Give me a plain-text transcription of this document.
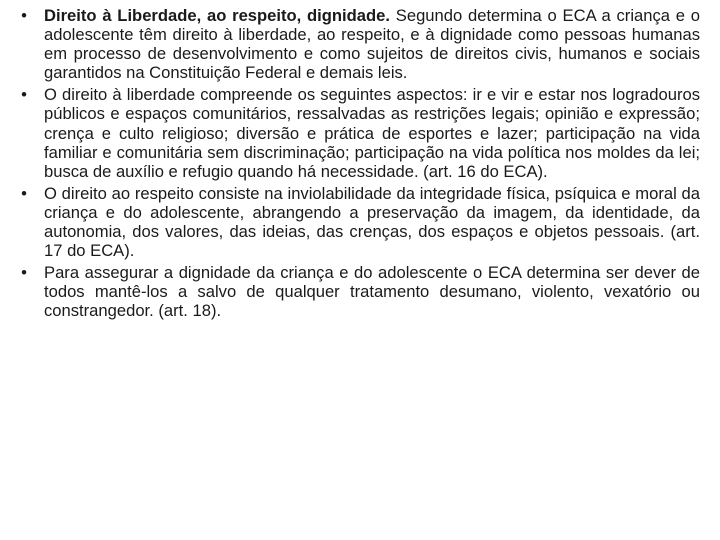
•	Direito à Liberdade, ao respeito, dignidade. Segundo determina o ECA a criança e o adolescente têm direito à liberdade, ao respeito, e à dignidade como pessoas humanas em processo de desenvolvimento e como sujeitos de direitos civis, humanos e sociais garantidos na Constituição Federal e demais leis.
•	O direito à liberdade compreende os seguintes aspectos: ir e vir e estar nos logradouros públicos e espaços comunitários, ressalvadas as restrições legais; opinião e expressão; crença e culto religioso; diversão e prática de esportes e lazer; participação na vida familiar e comunitária sem discriminação; participação na vida política nos moldes da lei; busca de auxílio e refugio quando há necessidade. (art. 16 do ECA).
•	O direito ao respeito consiste na inviolabilidade da integridade física, psíquica e moral da criança e do adolescente, abrangendo a preservação da imagem, da identidade, da autonomia, dos valores, das ideias, das crenças, dos espaços e objetos pessoais. (art. 17 do ECA).
•	Para assegurar a dignidade da criança e do adolescente o ECA determina ser dever de todos mantê-los a salvo de qualquer tratamento desumano, violento, vexatório ou constrangedor. (art. 18).
